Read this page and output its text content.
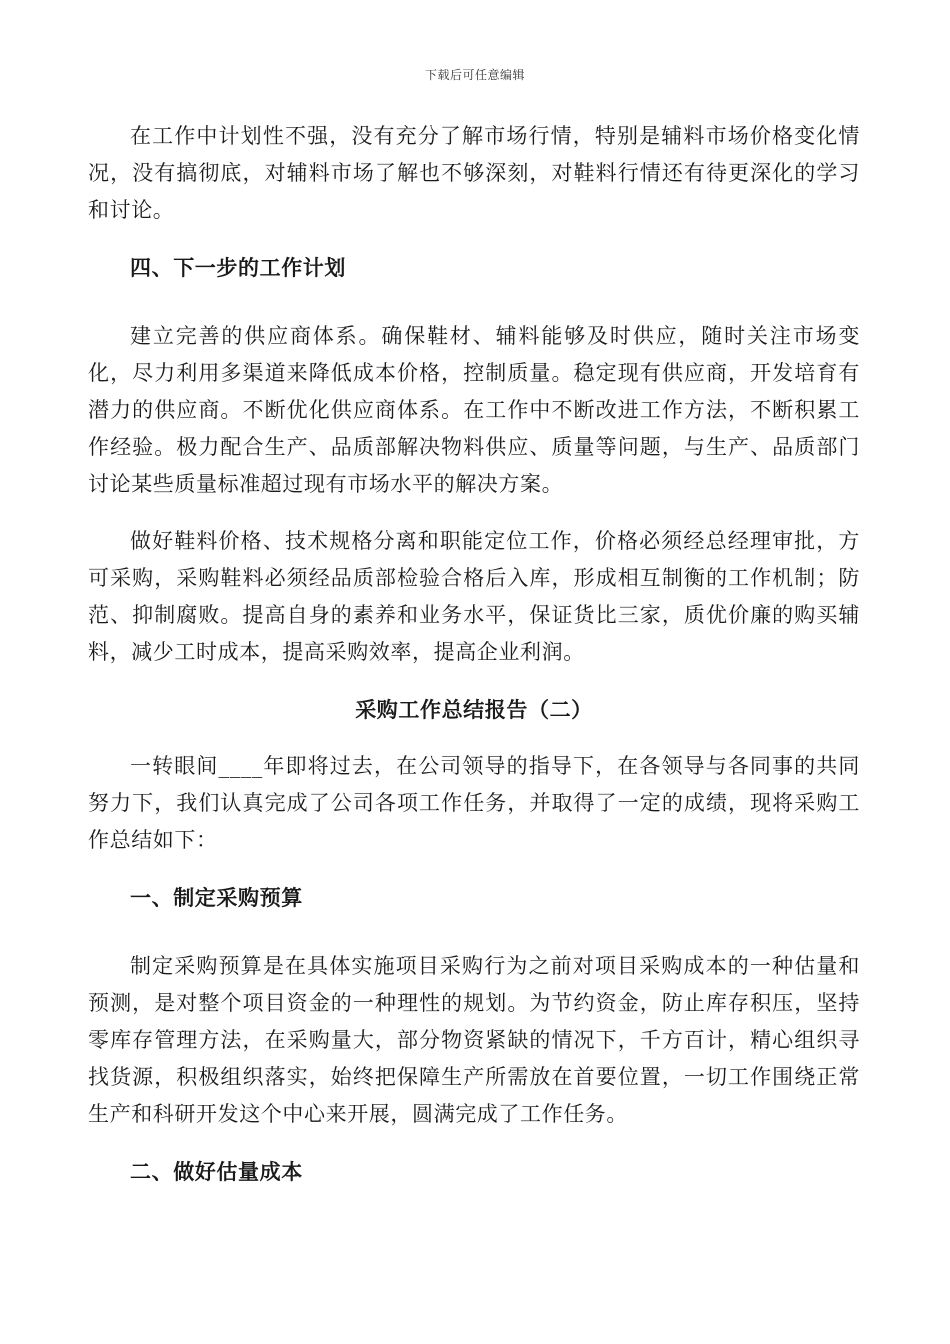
下载后可任意编辑

在工作中计划性不强，没有充分了解市场行情，特别是辅料市场价格变化情况，没有搞彻底，对辅料市场了解也不够深刻，对鞋料行情还有待更深化的学习和讨论。

四、下一步的工作计划

建立完善的供应商体系。确保鞋材、辅料能够及时供应，随时关注市场变化，尽力利用多渠道来降低成本价格，控制质量。稳定现有供应商，开发培育有潜力的供应商。不断优化供应商体系。在工作中不断改进工作方法，不断积累工作经验。极力配合生产、品质部解决物料供应、质量等问题，与生产、品质部门讨论某些质量标准超过现有市场水平的解决方案。

做好鞋料价格、技术规格分离和职能定位工作，价格必须经总经理审批，方可采购，采购鞋料必须经品质部检验合格后入库，形成相互制衡的工作机制；防范、抑制腐败。提高自身的素养和业务水平，保证货比三家，质优价廉的购买辅料，减少工时成本，提高采购效率，提高企业利润。

采购工作总结报告（二）

一转眼间____年即将过去，在公司领导的指导下，在各领导与各同事的共同努力下，我们认真完成了公司各项工作任务，并取得了一定的成绩，现将采购工作总结如下：

一、制定采购预算

制定采购预算是在具体实施项目采购行为之前对项目采购成本的一种估量和预测，是对整个项目资金的一种理性的规划。为节约资金，防止库存积压，坚持零库存管理方法，在采购量大，部分物资紧缺的情况下，千方百计，精心组织寻找货源，积极组织落实，始终把保障生产所需放在首要位置，一切工作围绕正常生产和科研开发这个中心来开展，圆满完成了工作任务。

二、做好估量成本
